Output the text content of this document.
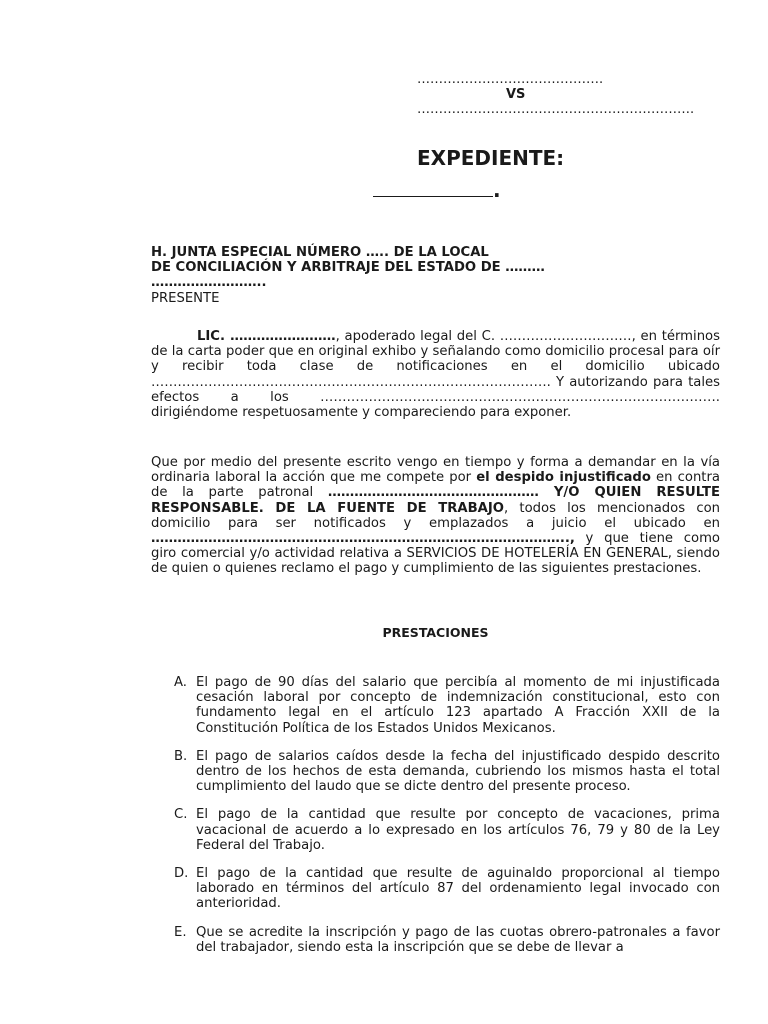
…………………………………….
VS
……………………………………………………….
EXPEDIENTE:
.
H. JUNTA ESPECIAL NÚMERO ….. DE LA LOCAL
DE CONCILIACIÓN Y ARBITRAJE DEL ESTADO DE ………
……………………..
PRESENTE
LIC. ……………………, apoderado legal del C. …………………………, en términos de la carta poder que en original exhibo y señalando como domicilio procesal para oír y recibir toda clase de notificaciones en el domicilio ubicado ………………………………………………………………………………. Y autorizando para tales efectos a los ………………………………………………………………………………. dirigiéndome respetuosamente y compareciendo para exponer.
Que por medio del presente escrito vengo en tiempo y forma a demandar en la vía ordinaria laboral la acción que me compete por el despido injustificado en contra de la parte patronal ………………………………………… Y/O QUIEN RESULTE RESPONSABLE. DE LA FUENTE DE TRABAJO, todos los mencionados con domicilio para ser notificados y emplazados a juicio el ubicado en ………………………………………………………………………………….., y que tiene como giro comercial y/o actividad relativa a SERVICIOS DE HOTELERÍA EN GENERAL, siendo de quien o quienes reclamo el pago y cumplimiento de las siguientes prestaciones.
PRESTACIONES
A. El pago de 90 días del salario que percibía al momento de mi injustificada cesación laboral por concepto de indemnización constitucional, esto con fundamento legal en el artículo 123 apartado A Fracción XXII de la Constitución Política de los Estados Unidos Mexicanos.
B. El pago de salarios caídos desde la fecha del injustificado despido descrito dentro de los hechos de esta demanda, cubriendo los mismos hasta el total cumplimiento del laudo que se dicte dentro del presente proceso.
C. El pago de la cantidad que resulte por concepto de vacaciones, prima vacacional de acuerdo a lo expresado en los artículos 76, 79 y 80 de la Ley Federal del Trabajo.
D. El pago de la cantidad que resulte de aguinaldo proporcional al tiempo laborado en términos del artículo 87 del ordenamiento legal invocado con anterioridad.
E. Que se acredite la inscripción y pago de las cuotas obrero-patronales a favor del trabajador, siendo esta la inscripción que se debe de llevar a
